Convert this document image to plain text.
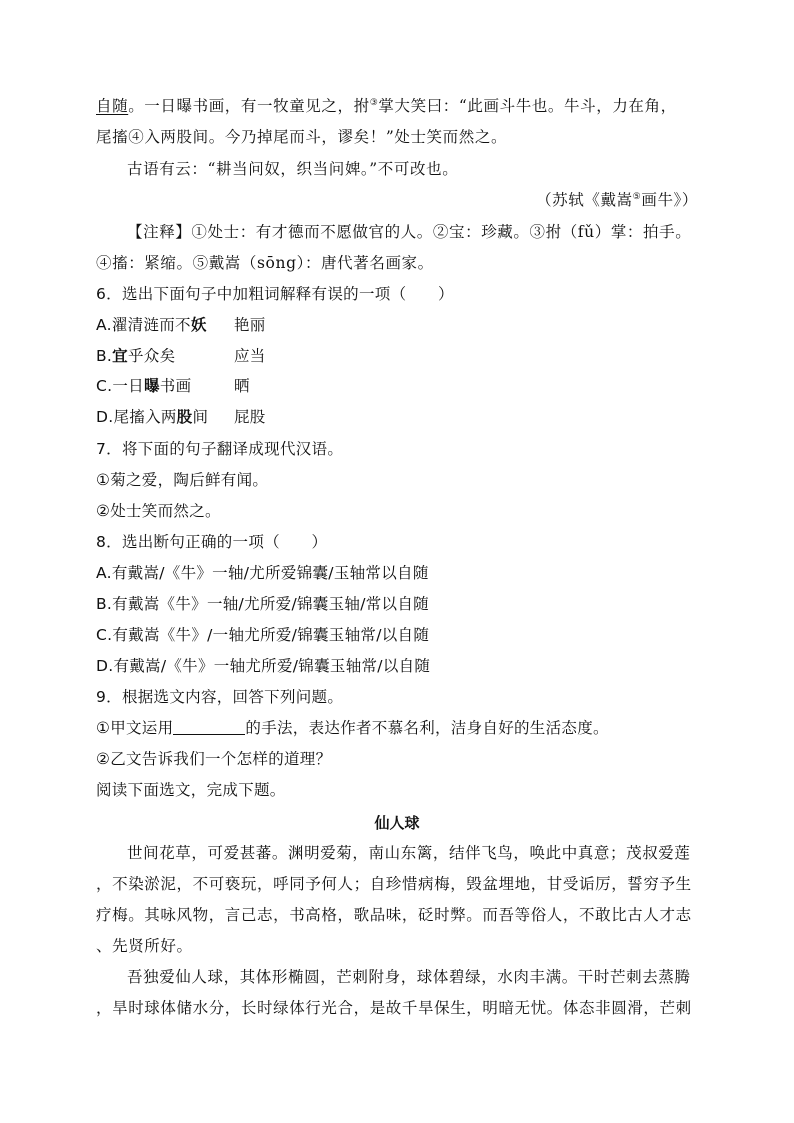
自随。一日曝书画，有一牧童见之，拊③掌大笑曰：“此画斗牛也。牛斗，力在角，
尾搐④入两股间。今乃掉尾而斗，谬矣！”处士笑而然之。
古语有云：“耕当问奴，织当问婢。”不可改也。
（苏轼《戴嵩⑤画牛》）
【注释】①处士：有才德而不愿做官的人。②宝：珍藏。③拊（fǔ）掌：拍手。
④搐：紧缩。⑤戴嵩（sōng）：唐代著名画家。
6．选出下面句子中加粗词解释有误的一项（　　）
A.濯清涟而不妖 艳丽
B.宜乎众矣	应当
C.一日曝书画	晒
D.尾搐入两股间 屁股
7．将下面的句子翻译成现代汉语。
①菊之爱，陶后鲜有闻。
②处士笑而然之。
8．选出断句正确的一项（　　）
A.有戴嵩/《牛》一轴/尤所爱锦囊/玉轴常以自随
B.有戴嵩《牛》一轴/尤所爱/锦囊玉轴/常以自随
C.有戴嵩《牛》/一轴尤所爱/锦囊玉轴常/以自随
D.有戴嵩/《牛》一轴尤所爱/锦囊玉轴常/以自随
9．根据选文内容，回答下列问题。
①甲文运用	的手法，表达作者不慕名利，洁身自好的生活态度。
②乙文告诉我们一个怎样的道理？
阅读下面选文，完成下题。
仙人球
世间花草，可爱甚蕃。渊明爱菊，南山东篱，结伴飞鸟，唤此中真意；茂叔爱莲
，不染淤泥，不可亵玩，呼同予何人；自珍惜病梅，毁盆埋地，甘受诟厉，誓穷予生
疗梅。其咏风物，言己志，书高格，歌品味，砭时弊。而吾等俗人，不敢比古人才志
、先贤所好。
吾独爱仙人球，其体形椭圆，芒刺附身，球体碧绿，水肉丰满。干时芒刺去蒸腾
，旱时球体储水分，长时绿体行光合，是故千旱保生，明暗无忧。体态非圆滑，芒刺
